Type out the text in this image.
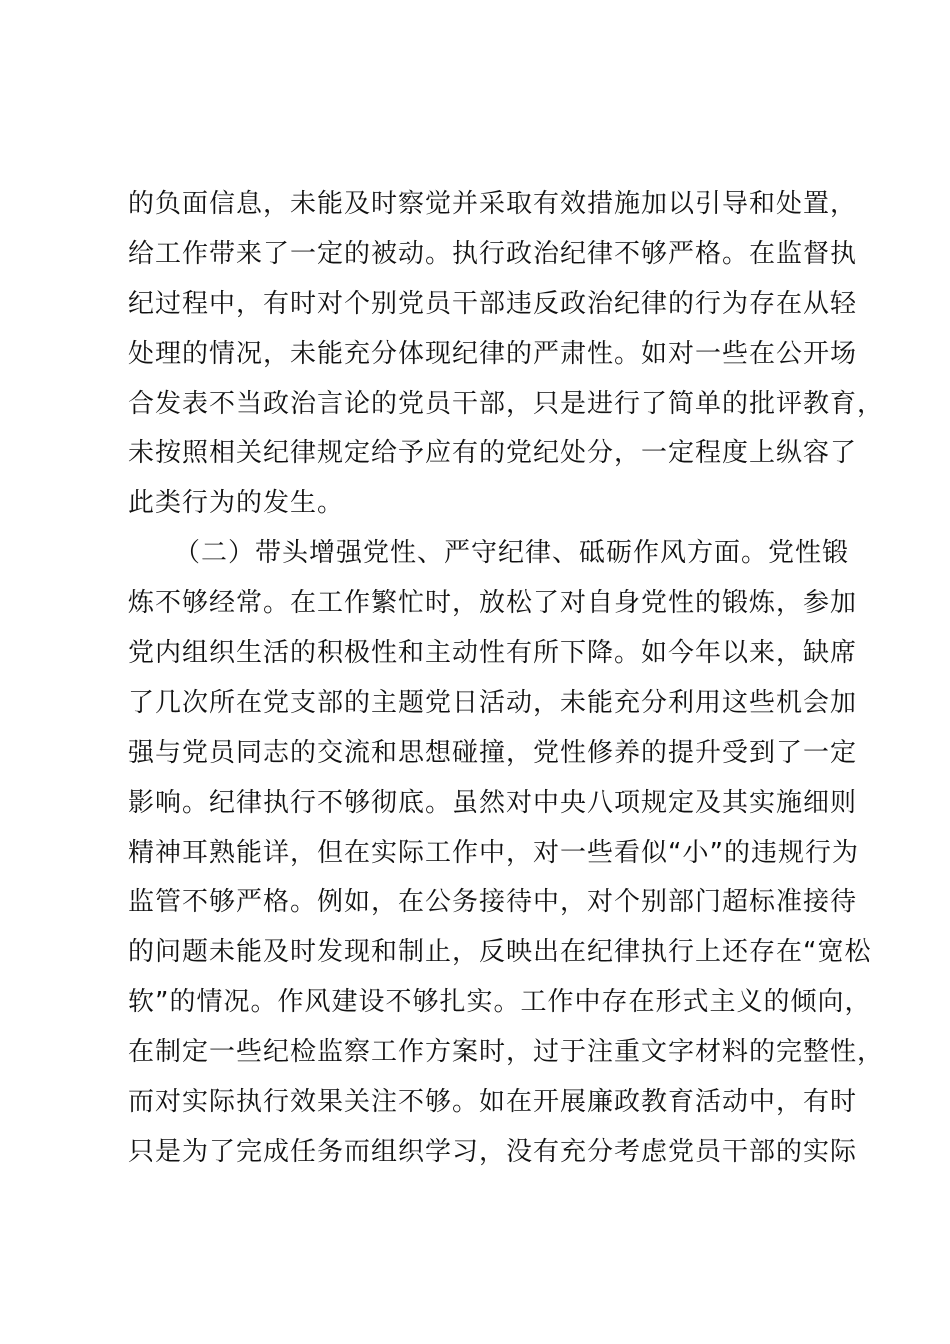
的负面信息，未能及时察觉并采取有效措施加以引导和处置，
给工作带来了一定的被动。执行政治纪律不够严格。在监督执
纪过程中，有时对个别党员干部违反政治纪律的行为存在从轻
处理的情况，未能充分体现纪律的严肃性。如对一些在公开场
合发表不当政治言论的党员干部，只是进行了简单的批评教育，
未按照相关纪律规定给予应有的党纪处分，一定程度上纵容了
此类行为的发生。
（二）带头增强党性、严守纪律、砥砺作风方面。党性锻
炼不够经常。在工作繁忙时，放松了对自身党性的锻炼，参加
党内组织生活的积极性和主动性有所下降。如今年以来，缺席
了几次所在党支部的主题党日活动，未能充分利用这些机会加
强与党员同志的交流和思想碰撞，党性修养的提升受到了一定
影响。纪律执行不够彻底。虽然对中央八项规定及其实施细则
精神耳熟能详，但在实际工作中，对一些看似“小”的违规行为
监管不够严格。例如，在公务接待中，对个别部门超标准接待
的问题未能及时发现和制止，反映出在纪律执行上还存在“宽松
软”的情况。作风建设不够扎实。工作中存在形式主义的倾向，
在制定一些纪检监察工作方案时，过于注重文字材料的完整性，
而对实际执行效果关注不够。如在开展廉政教育活动中，有时
只是为了完成任务而组织学习，没有充分考虑党员干部的实际
